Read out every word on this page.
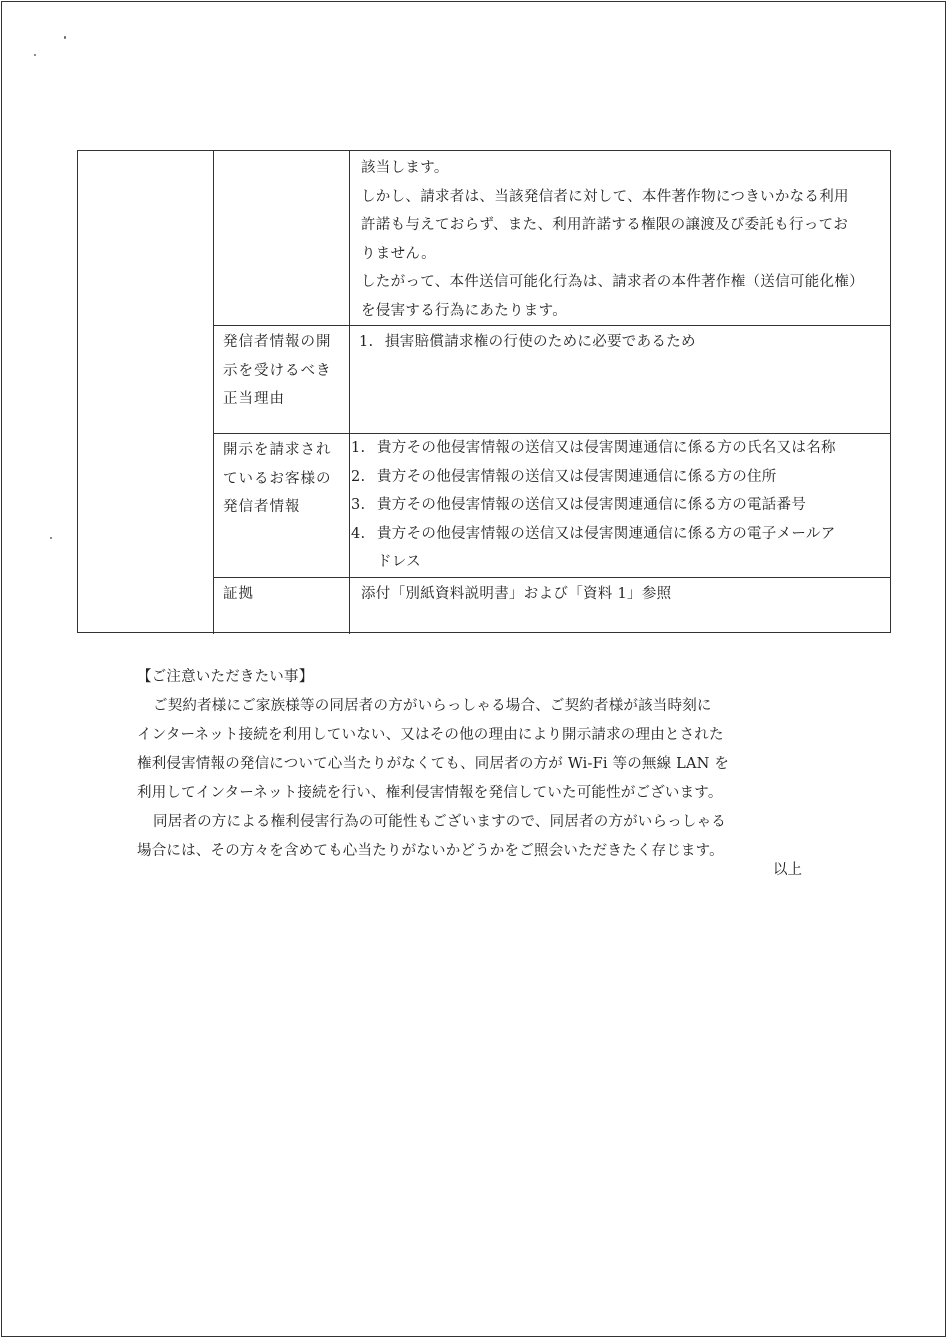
該当します。
しかし、請求者は、当該発信者に対して、本件著作物につきいかなる利用
許諾も与えておらず、また、利用許諾する権限の譲渡及び委託も行ってお
りません。
したがって、本件送信可能化行為は、請求者の本件著作権（送信可能化権）
を侵害する行為にあたります。
発信者情報の開
示を受けるべき
正当理由
1. 損害賠償請求権の行使のために必要であるため
開示を請求され
ているお客様の
発信者情報
1. 貴方その他侵害情報の送信又は侵害関連通信に係る方の氏名又は名称
2. 貴方その他侵害情報の送信又は侵害関連通信に係る方の住所
3. 貴方その他侵害情報の送信又は侵害関連通信に係る方の電話番号
4. 貴方その他侵害情報の送信又は侵害関連通信に係る方の電子メールア
ドレス
証拠	添付「別紙資料説明書」および「資料 1」参照

【ご注意いただきたい事】

ご契約者様にご家族様等の同居者の方がいらっしゃる場合、ご契約者様が該当時刻に

インターネット接続を利用していない、又はその他の理由により開示請求の理由とされた

権利侵害情報の発信について心当たりがなくても、同居者の方が Wi-Fi 等の無線 LAN を

利用してインターネット接続を行い、権利侵害情報を発信していた可能性がございます。

同居者の方による権利侵害行為の可能性もございますので、同居者の方がいらっしゃる

場合には、その方々を含めても心当たりがないかどうかをご照会いただきたく存じます。

以上
